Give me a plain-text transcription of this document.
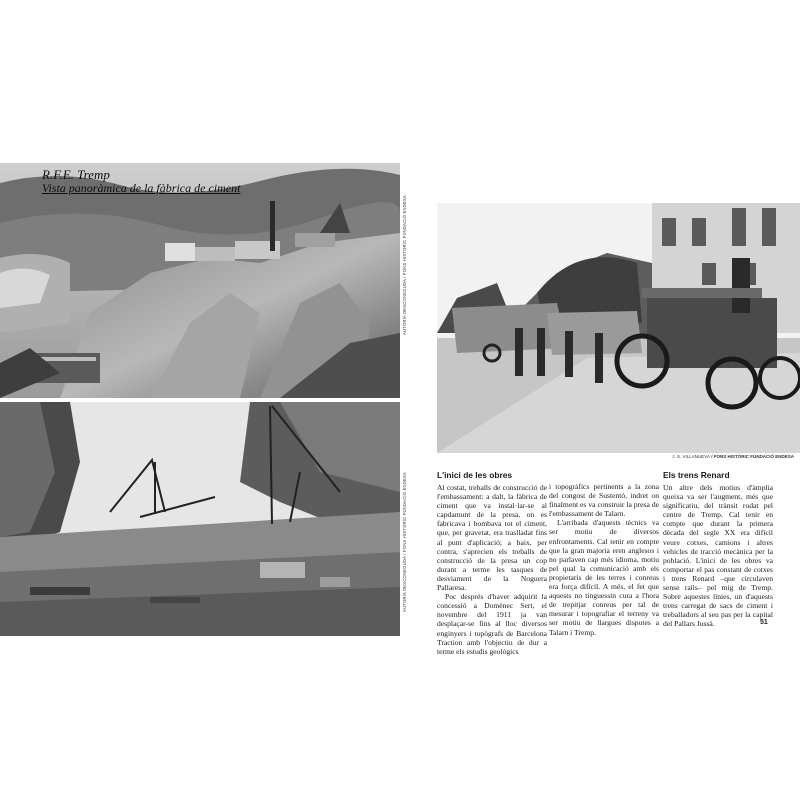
R.F.E. Tremp
Vista panoràmica de la fàbrica de ciment
AUTORIA DESCONEGUDA / FONS HISTÒRIC FUNDACIÓ ENDESA
AUTORIA DESCONEGUDA / FONS HISTÒRIC FUNDACIÓ ENDESA
J. S. VILLANUEVA / FONS HISTÒRIC FUNDACIÓ ENDESA
L'inici de les obres

Al costat, treballs de construcció de l'embassament: a dalt, la fàbrica de ciment que va instal·lar-se al capdamunt de la presa, on es fabricava i bombava tot el ciment, que, per gravetat, era traslladat fins al punt d'aplicació; a baix, per contra, s'aprecien els treballs de construcció de la presa un cop durant a terme les tasques de desviament de la Noguera Pallaresa.

Poc després d'haver adquirit la concessió a Domènec Sert, el novembre del 1911 ja van desplaçar-se fins al lloc diversos enginyers i topògrafs de Barcelona Traction amb l'objectiu de dur a terme els estudis geològics

i topogràfics pertinents a la zona del congost de Sustentó, indret on finalment es va construir la presa de l'embassament de Talarn.

L'arribada d'aquests tècnics va ser motiu de diversos enfrontaments. Cal tenir en compte que la gran majoria eren anglesos i no parlaven cap més idioma, motiu pel qual la comunicació amb els propietaris de les terres i conreus era força difícil. A més, el fet que aquests no tinguessin cura a l'hora de trepitjar conreus per tal de mesurar i topografiar el terreny va ser motiu de llargues disputes a Talarn i Tremp.

Els trens Renard

Un altre dels motius d'àmplia queixa va ser l'augment, més que significatiu, del trànsit rodat pel centre de Tremp. Cal tenir en compte que durant la primera dècada del segle XX era difícil veure cotxes, camions i altres vehicles de tracció mecànica per la població. L'inici de les obres va comportar el pas constant de cotxes i trens Renard –que circulaven sense rails– pel mig de Tremp. Sobre aquestes línies, un d'aquests trens carregat de sacs de ciment i treballadors al seu pas per la capital del Pallars Jussà.	51
